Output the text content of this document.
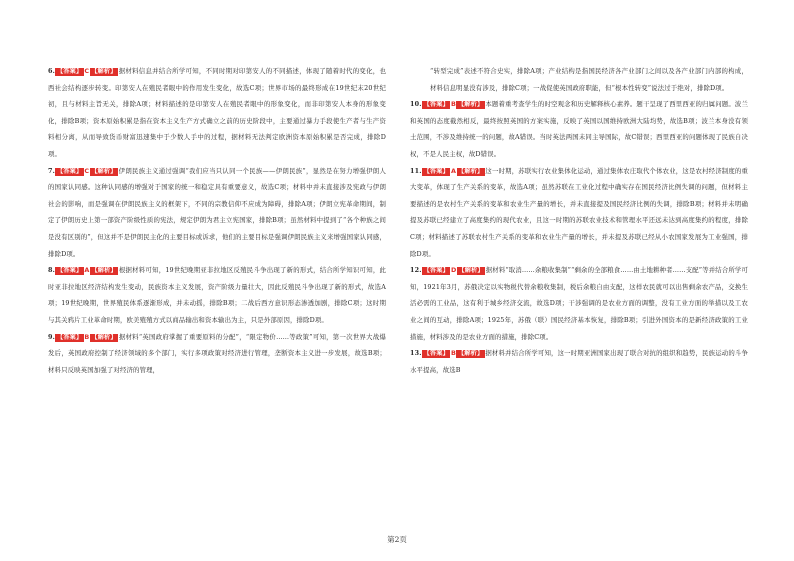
6. 【答案】 C 【解析】 据材料信息并结合所学可知，不同时期对印第安人的不同描述，体现了随着时代的变化，也西社会结构逐步转变。印第安人在殖民者眼中的作用发生变化，故选C项；世界市场的最终形成在19世纪末20世纪初，且与材料主旨无关，排除A项；材料描述的是印第安人在殖民者眼中的形象变化，而非印第安人本身的形象变化，排除B项；资本原始积累是指在资本主义生产方式确立之前的历史阶段中，主要通过暴力手段使生产者与生产资料相分离，从而导致货币财富迅速集中于少数人手中的过程，据材料无法判定欧洲资本原始积累是否完成，排除D项。
7. 【答案】 C 【解析】 伊朗民族主义通过强调“我们应当只认同一个民族——伊朗民族”，显然是在努力增强伊朗人的国家认同感。这种认同感的增强对于国家的统一和稳定具有重要意义，故选C项；材料中并未直接涉及宪政与伊朗社会的影响，而是强调在伊朗民族主义的框架下，不同的宗教信仰不应成为障碍，排除A项；伊朗立宪革命期间，制定了伊朗历史上第一部资产阶级性质的宪法，规定伊朗为君主立宪国家，排除B项；虽然材料中提到了“各个种族之间是没有区别的”，但这并不是伊朗民主化的主要目标或诉求，他们的主要目标是强调伊朗民族主义来增强国家认同感，排除D项。
8. 【答案】 A 【解析】 根据材料可知，19世纪晚期亚非拉地区反殖民斗争出现了新的形式，结合所学知识可知，此时亚非拉地区经济结构发生变动，民族资本主义发展，资产阶级力量壮大，因此反殖民斗争出现了新的形式，故选A项；19世纪晚期，世界殖民体系逐渐形成，并未动摇，排除B项；二战后西方意识形态渗透加剧，排除C项；这时期与其关鸦片工业革命时期，欧美殖殖方式以商品输出和资本输出为主，只是外部原因，排除D项。
9. 【答案】 B 【解析】 据材料“英国政府掌握了重要原料的分配”，“限定物价……等政策”可知，第一次世界大战爆发后，英国政府控制了经济领域的多个部门，实行多项政策对经济进行管理，垄断资本主义进一步发展，故选B项；材料只反映英国加强了对经济的管理，
“转型完成”表述不符合史实，排除A项；产业结构是指国民经济各产业部门之间以及各产业部门内部的构成，材料信息明显没有涉及，排除C项；一战促使英国政府职能，但“根本性转变”说法过于绝对，排除D项。
10. 【答案】 B 【解析】 本题着重考查学生的时空观念和历史解释核心素养。题干呈现了西里西亚的归属问题。波兰和英国的态度截然相反，最终按照英国的方案实施，反映了英国以国维持欧洲大陆均势，故选B项；波兰本身没有领土范围，不涉及维持统一的问题，故A错误。当时英法两国未同主导国际，故C错误；西里西亚的问题体现了民族自决权，不是人民主权，故D错误。
11. 【答案】 A 【解析】 这一时期，苏联实行农业集体化运动，通过集体农庄取代个体农业，这是农村经济制度的重大变革，体现了生产关系的变革，故选A项；虽然苏联在工业化过程中确实存在国民经济比例失调的问题，但材料主要描述的是农村生产关系的变革和农业生产量的增长，并未直接提及国民经济比例的失调，排除B项；材料并未明确提及苏联已经建立了高度集约的现代农业，且这一时期的苏联农业技术和管理水平还远未达到高度集约的程度，排除C项；材料描述了苏联农村生产关系的变革和农业生产量的增长，并未提及苏联已经从小农国家发展为工业强国，排除D项。
12. 【答案】 D 【解析】 据材料“取消……余粮收集制”“剩余的全部粮食……由土地耕种者……支配”等并结合所学可知，1921年3月，苏俄决定以实物税代替余粮收集制，税后余粮自由支配，这样农民就可以出售剩余农产品，交换生活必需的工业品，这有利于城乡经济交流，故选D项；干涉强调的是农业方面的调整，没有工业方面的举措以及工农业之间的互动，排除A项；1925年，苏俄（联）国民经济基本恢复，排除B项；引进外国资本的是新经济政策的工业措施，材料涉及的是农业方面的措施，排除C项。
13. 【答案】 B 【解析】 据材料并结合所学可知，这一时期亚洲国家出现了联合对抗的组织和趋势，民族运动的斗争水平提高，故选B
第2页
